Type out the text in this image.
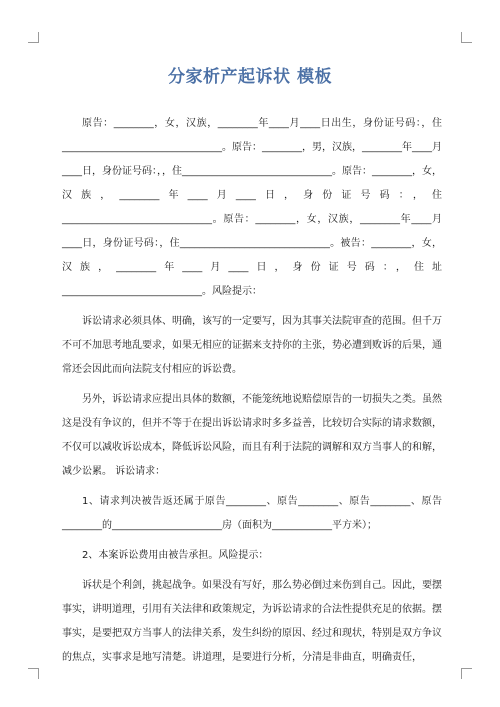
分家析产起诉状 模板

原告：________，女，汉族，________年____月____日出生，身份证号码：，住________________________________。原告：________，男，汉族，________年____月____日，身份证号码：，，住______________________________。原告：________，女，汉族，________年____月____日，身份证号码：，住______________________________。原告：________，女，汉族，________年____月____日，身份证号码：，住______________________________。被告：________，女，汉族，________年____月____日，身份证号码：，住址____________________________。风险提示：

诉讼请求必须具体、明确，该写的一定要写，因为其事关法院审查的范围。但千万不可不加思考地乱要求，如果无相应的证据来支持你的主张，势必遭到败诉的后果，通常还会因此而向法院支付相应的诉讼费。

另外，诉讼请求应提出具体的数额，不能笼统地说赔偿原告的一切损失之类。虽然这是没有争议的，但并不等于在提出诉讼请求时多多益善，比较切合实际的请求数额，不仅可以减收诉讼成本，降低诉讼风险，而且有利于法院的调解和双方当事人的和解，减少讼累。 诉讼请求：

1、请求判决被告返还属于原告________、原告________、原告________、原告________的______________________房（面积为____________平方米）；

2、本案诉讼费用由被告承担。风险提示：

诉状是个利剑，挑起战争。如果没有写好，那么势必倒过来伤到自己。因此，要摆事实，讲明道理，引用有关法律和政策规定，为诉讼请求的合法性提供充足的依据。摆事实，是要把双方当事人的法律关系，发生纠纷的原因、经过和现状，特别是双方争议的焦点，实事求是地写清楚。讲道理，是要进行分析，分清是非曲直，明确责任，
